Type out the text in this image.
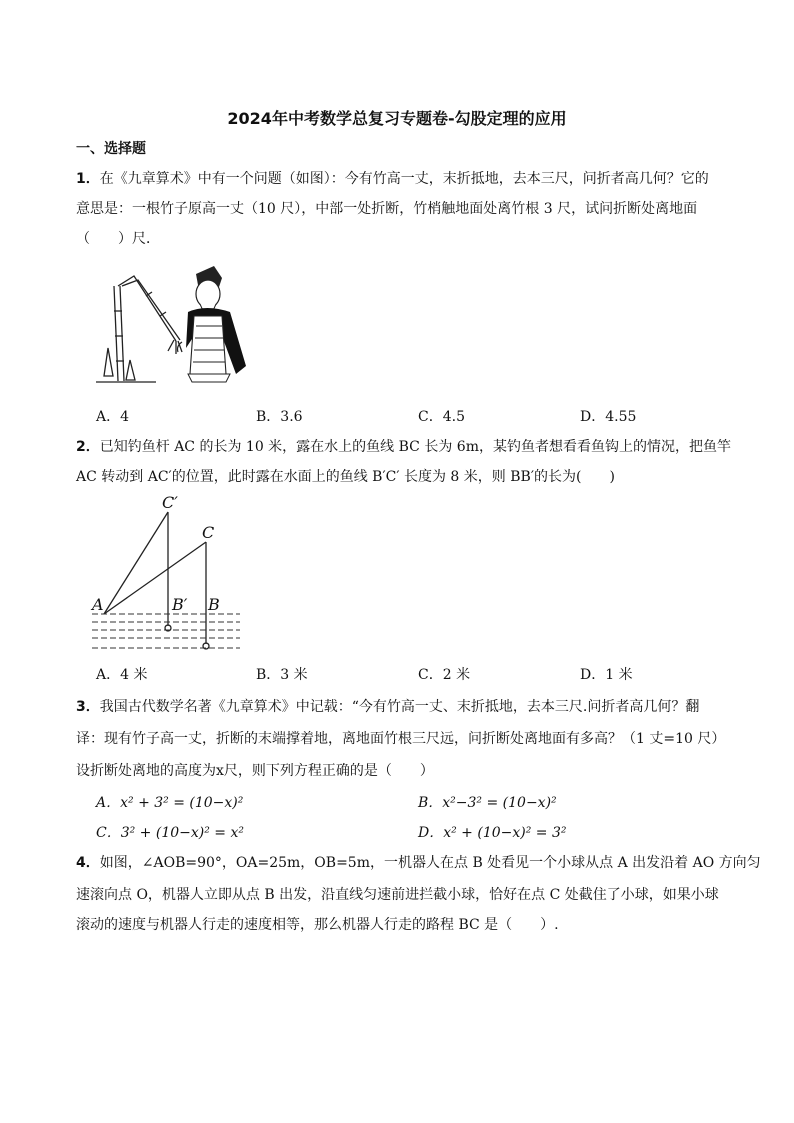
2024年中考数学总复习专题卷-勾股定理的应用
一、选择题
1．在《九章算术》中有一个问题（如图）：今有竹高一丈，末折抵地，去本三尺，问折者高几何？它的
意思是：一根竹子原高一丈（10 尺），中部一处折断，竹梢触地面处离竹根 3 尺，试问折断处离地面
（　　）尺．
A．4	B．3.6	C．4.5	D．4.55
2．已知钓鱼杆 AC 的长为 10 米，露在水上的鱼线 BC 长为 6m，某钓鱼者想看看鱼钩上的情况，把鱼竿
AC 转动到 AC′的位置，此时露在水面上的鱼线 B′C′ 长度为 8 米，则 BB′的长为(　　)
C′
C
A	B′ B
A．4 米	B．3 米	C．2 米	D．1 米
3．我国古代数学名著《九章算术》中记载：“今有竹高一丈、末折抵地，去本三尺.问折者高几何？翻
译：现有竹子高一丈，折断的末端撑着地，离地面竹根三尺远，问折断处离地面有多高？（1 丈=10 尺）
设折断处离地的高度为x尺，则下列方程正确的是（　　）
A．x² + 3² = (10−x)²	B．x²−3² = (10−x)²
C．3² + (10−x)² = x²	D．x² + (10−x)² = 3²
4．如图，∠AOB=90°，OA=25m，OB=5m，一机器人在点 B 处看见一个小球从点 A 出发沿着 AO 方向匀
速滚向点 O，机器人立即从点 B 出发，沿直线匀速前进拦截小球，恰好在点 C 处截住了小球，如果小球
滚动的速度与机器人行走的速度相等，那么机器人行走的路程 BC 是（　　）.
